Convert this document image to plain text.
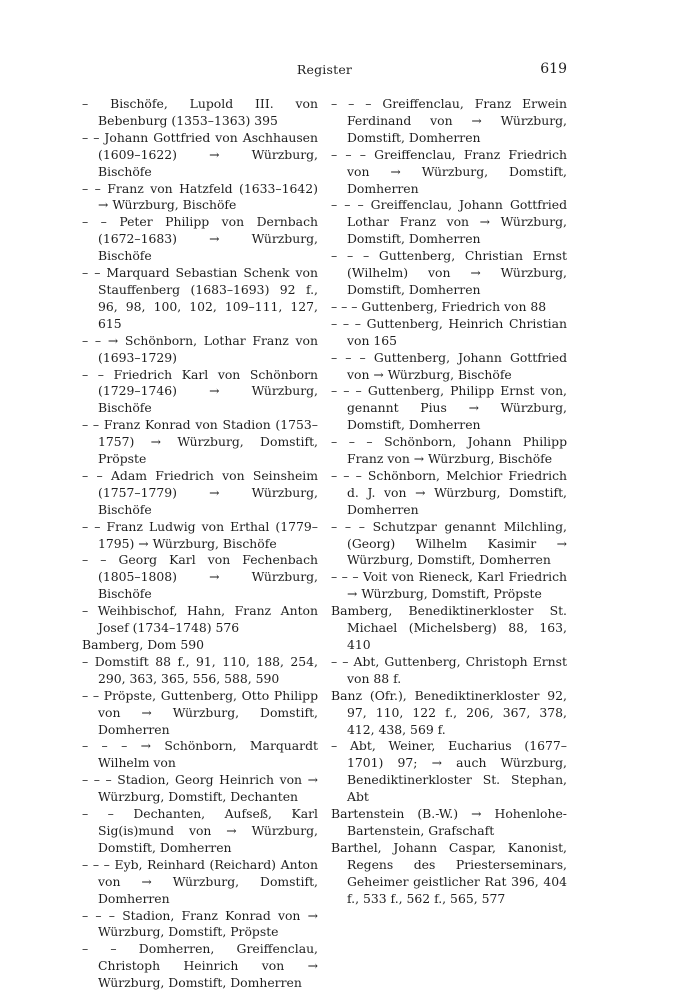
Register	619

– Bischöfe, Lupold III. von Bebenburg (1353–1363) 395

– – Johann Gottfried von Aschhausen (1609–1622) → Würzburg, Bischöfe

– – Franz von Hatzfeld (1633–1642) → Würzburg, Bischöfe

– – Peter Philipp von Dernbach (1672–1683) → Würzburg, Bischöfe

– – Marquard Sebastian Schenk von Stauffenberg (1683–1693) 92 f., 96, 98, 100, 102, 109–111, 127, 615

– – → Schönborn, Lothar Franz von (1693–1729)

– – Friedrich Karl von Schönborn (1729–1746) → Würzburg, Bischöfe

– – Franz Konrad von Stadion (1753–1757) → Würzburg, Domstift, Pröpste

– – Adam Friedrich von Seinsheim (1757–1779) → Würzburg, Bischöfe

– – Franz Ludwig von Erthal (1779–1795) → Würzburg, Bischöfe

– – Georg Karl von Fechenbach (1805–1808) → Würzburg, Bischöfe

– Weihbischof, Hahn, Franz Anton Josef (1734–1748) 576

Bamberg, Dom 590

– Domstift 88 f., 91, 110, 188, 254, 290, 363, 365, 556, 588, 590

– – Pröpste, Guttenberg, Otto Philipp von → Würzburg, Domstift, Domherren

– – – → Schönborn, Marquardt Wilhelm von

– – – Stadion, Georg Heinrich von → Würzburg, Domstift, Dechanten

– – Dechanten, Aufseß, Karl Sig(is)mund von → Würzburg, Domstift, Domherren

– – – Eyb, Reinhard (Reichard) Anton von → Würzburg, Domstift, Domherren

– – – Stadion, Franz Konrad von → Würzburg, Domstift, Pröpste

– – Domherren, Greiffenclau, Christoph Heinrich von → Würzburg, Domstift, Domherren

– – – Greiffenclau, Franz Erwein Ferdinand von → Würzburg, Domstift, Domherren

– – – Greiffenclau, Franz Friedrich von → Würzburg, Domstift, Domherren

– – – Greiffenclau, Johann Gottfried Lothar Franz von → Würzburg, Domstift, Domherren

– – – Guttenberg, Christian Ernst (Wilhelm) von → Würzburg, Domstift, Domherren

– – – Guttenberg, Friedrich von 88

– – – Guttenberg, Heinrich Christian von 165

– – – Guttenberg, Johann Gottfried von → Würzburg, Bischöfe

– – – Guttenberg, Philipp Ernst von, genannt Pius → Würzburg, Domstift, Domherren

– – – Schönborn, Johann Philipp Franz von → Würzburg, Bischöfe

– – – Schönborn, Melchior Friedrich d. J. von → Würzburg, Domstift, Domherren

– – – Schutzpar genannt Milchling, (Georg) Wilhelm Kasimir → Würzburg, Domstift, Domherren

– – – Voit von Rieneck, Karl Friedrich → Würzburg, Domstift, Pröpste

Bamberg, Benediktinerkloster St. Michael (Michelsberg) 88, 163, 410

– – Abt, Guttenberg, Christoph Ernst von 88 f.

Banz (Ofr.), Benediktinerkloster 92, 97, 110, 122 f., 206, 367, 378, 412, 438, 569 f.

– Abt, Weiner, Eucharius (1677–1701) 97; → auch Würzburg, Benediktinerkloster St. Stephan, Abt

Bartenstein (B.-W.) → Hohenlohe-Bartenstein, Grafschaft

Barthel, Johann Caspar, Kanonist, Regens des Priesterseminars, Geheimer geistlicher Rat 396, 404 f., 533 f., 562 f., 565, 577
